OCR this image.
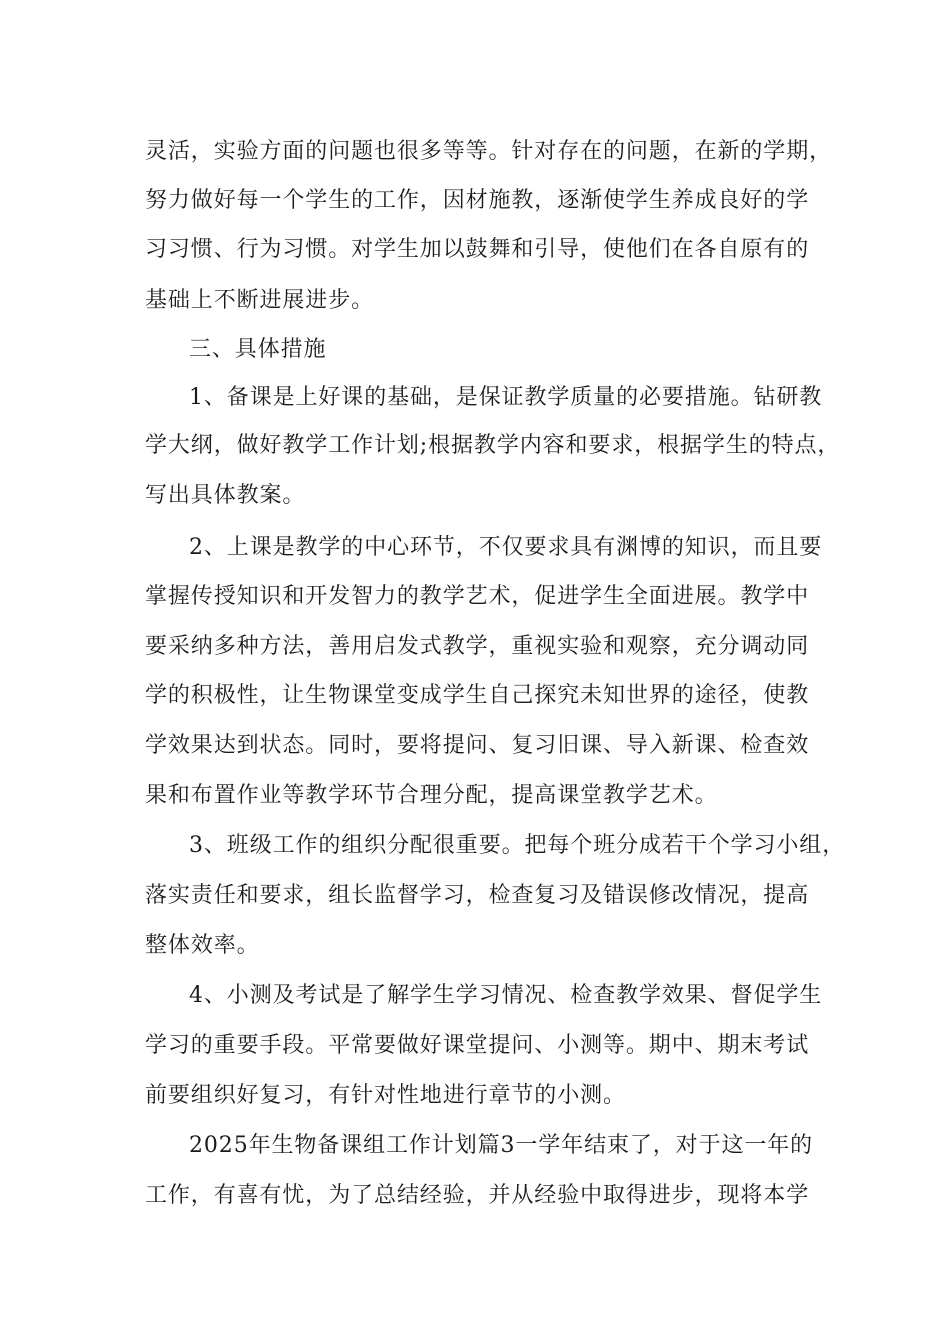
灵活，实验方面的问题也很多等等。针对存在的问题，在新的学期，
努力做好每一个学生的工作，因材施教，逐渐使学生养成良好的学
习习惯、行为习惯。对学生加以鼓舞和引导，使他们在各自原有的
基础上不断进展进步。
三、具体措施
1、备课是上好课的基础，是保证教学质量的必要措施。钻研教
学大纲，做好教学工作计划;根据教学内容和要求，根据学生的特点，
写出具体教案。
2、上课是教学的中心环节，不仅要求具有渊博的知识，而且要
掌握传授知识和开发智力的教学艺术，促进学生全面进展。教学中
要采纳多种方法，善用启发式教学，重视实验和观察，充分调动同
学的积极性，让生物课堂变成学生自己探究未知世界的途径，使教
学效果达到状态。同时，要将提问、复习旧课、导入新课、检查效
果和布置作业等教学环节合理分配，提高课堂教学艺术。
3、班级工作的组织分配很重要。把每个班分成若干个学习小组，
落实责任和要求，组长监督学习，检查复习及错误修改情况，提高
整体效率。
4、小测及考试是了解学生学习情况、检查教学效果、督促学生
学习的重要手段。平常要做好课堂提问、小测等。期中、期末考试
前要组织好复习，有针对性地进行章节的小测。
2025年生物备课组工作计划篇3一学年结束了，对于这一年的
工作，有喜有忧，为了总结经验，并从经验中取得进步，现将本学
